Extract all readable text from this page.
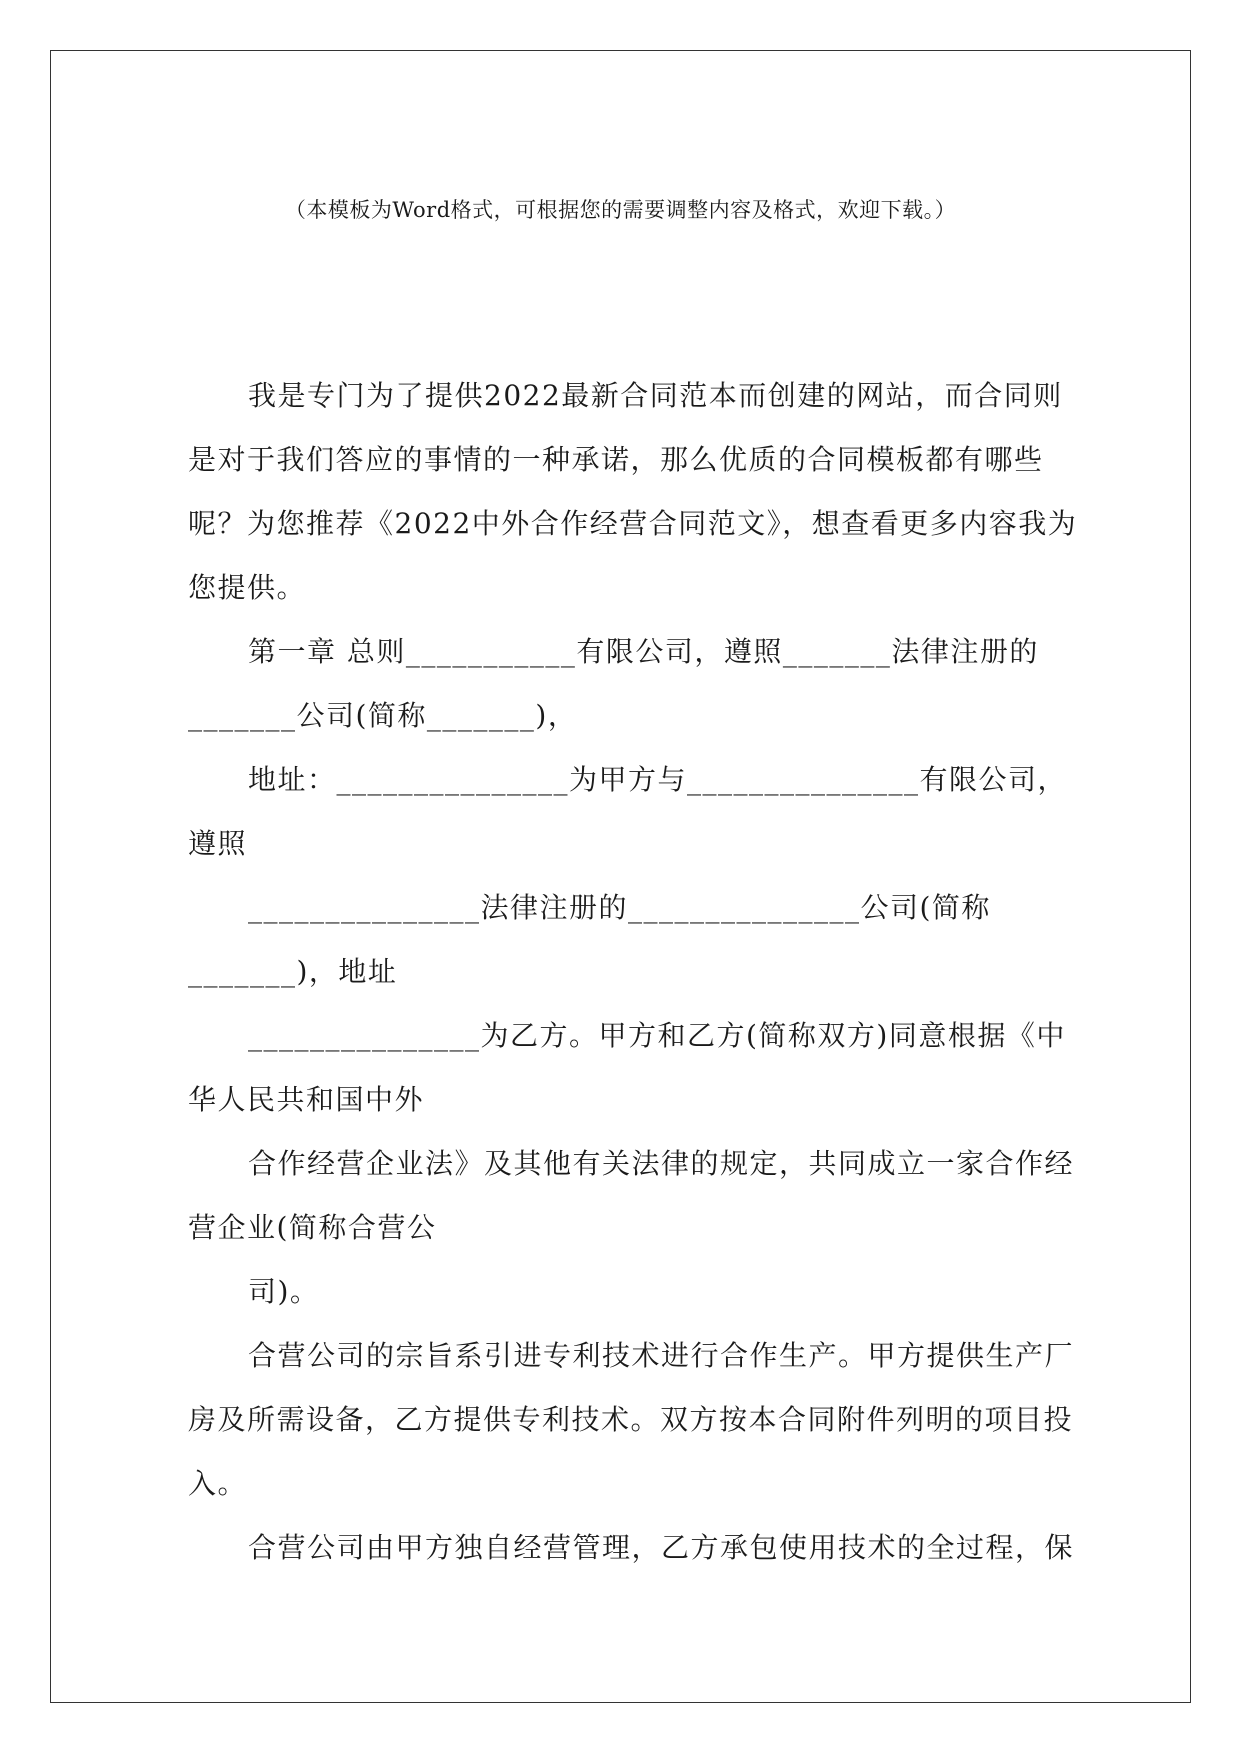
（本模板为Word格式，可根据您的需要调整内容及格式，欢迎下载。）

我是专门为了提供2022最新合同范本而创建的网站，而合同则

是对于我们答应的事情的一种承诺，那么优质的合同模板都有哪些

呢？为您推荐《2022中外合作经营合同范文》，想查看更多内容我为

您提供。

第一章 总则___________有限公司，遵照_______法律注册的

_______公司(简称_______)，

地址：_______________为甲方与_______________有限公司，

遵照

_______________法律注册的_______________公司(简称

_______)，地址

_______________为乙方。甲方和乙方(简称双方)同意根据《中

华人民共和国中外

合作经营企业法》及其他有关法律的规定，共同成立一家合作经

营企业(简称合营公

司)。

合营公司的宗旨系引进专利技术进行合作生产。甲方提供生产厂

房及所需设备，乙方提供专利技术。双方按本合同附件列明的项目投

入。

合营公司由甲方独自经营管理，乙方承包使用技术的全过程，保
